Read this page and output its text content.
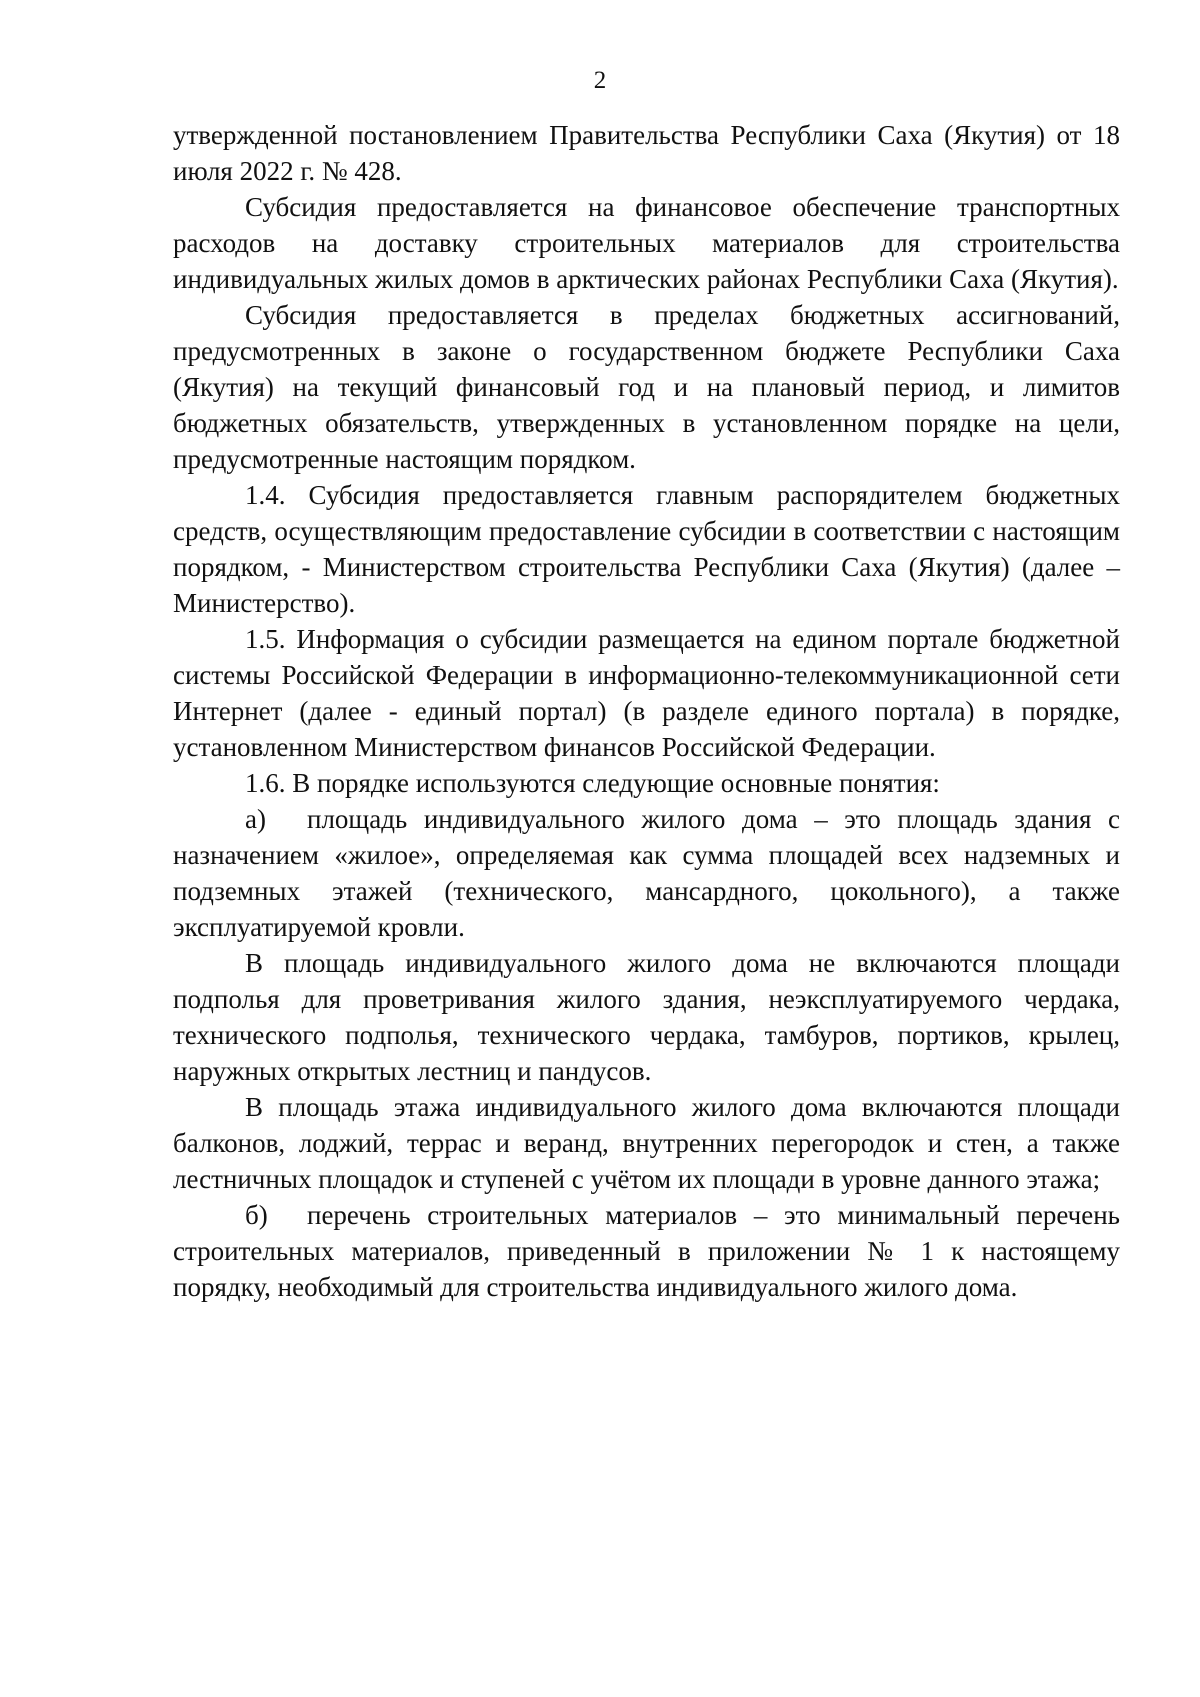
2

утвержденной постановлением Правительства Республики Саха (Якутия) от 18 июля 2022 г. № 428.

Субсидия предоставляется на финансовое обеспечение транспортных расходов на доставку строительных материалов для строительства индивидуальных жилых домов в арктических районах Республики Саха (Якутия).

Субсидия предоставляется в пределах бюджетных ассигнований, предусмотренных в законе о государственном бюджете Республики Саха (Якутия) на текущий финансовый год и на плановый период, и лимитов бюджетных обязательств, утвержденных в установленном порядке на цели, предусмотренные настоящим порядком.

1.4. Субсидия предоставляется главным распорядителем бюджетных средств, осуществляющим предоставление субсидии в соответствии с настоящим порядком, - Министерством строительства Республики Саха (Якутия) (далее – Министерство).

1.5. Информация о субсидии размещается на едином портале бюджетной системы Российской Федерации в информационно-телекоммуникационной сети Интернет (далее - единый портал) (в разделе единого портала) в порядке, установленном Министерством финансов Российской Федерации.

1.6. В порядке используются следующие основные понятия:

а) площадь индивидуального жилого дома – это площадь здания с назначением «жилое», определяемая как сумма площадей всех надземных и подземных этажей (технического, мансардного, цокольного), а также эксплуатируемой кровли.

В площадь индивидуального жилого дома не включаются площади подполья для проветривания жилого здания, неэксплуатируемого чердака, технического подполья, технического чердака, тамбуров, портиков, крылец, наружных открытых лестниц и пандусов.

В площадь этажа индивидуального жилого дома включаются площади балконов, лоджий, террас и веранд, внутренних перегородок и стен, а также лестничных площадок и ступеней с учётом их площади в уровне данного этажа;

б) перечень строительных материалов – это минимальный перечень строительных материалов, приведенный в приложении № 1 к настоящему порядку, необходимый для строительства индивидуального жилого дома.
